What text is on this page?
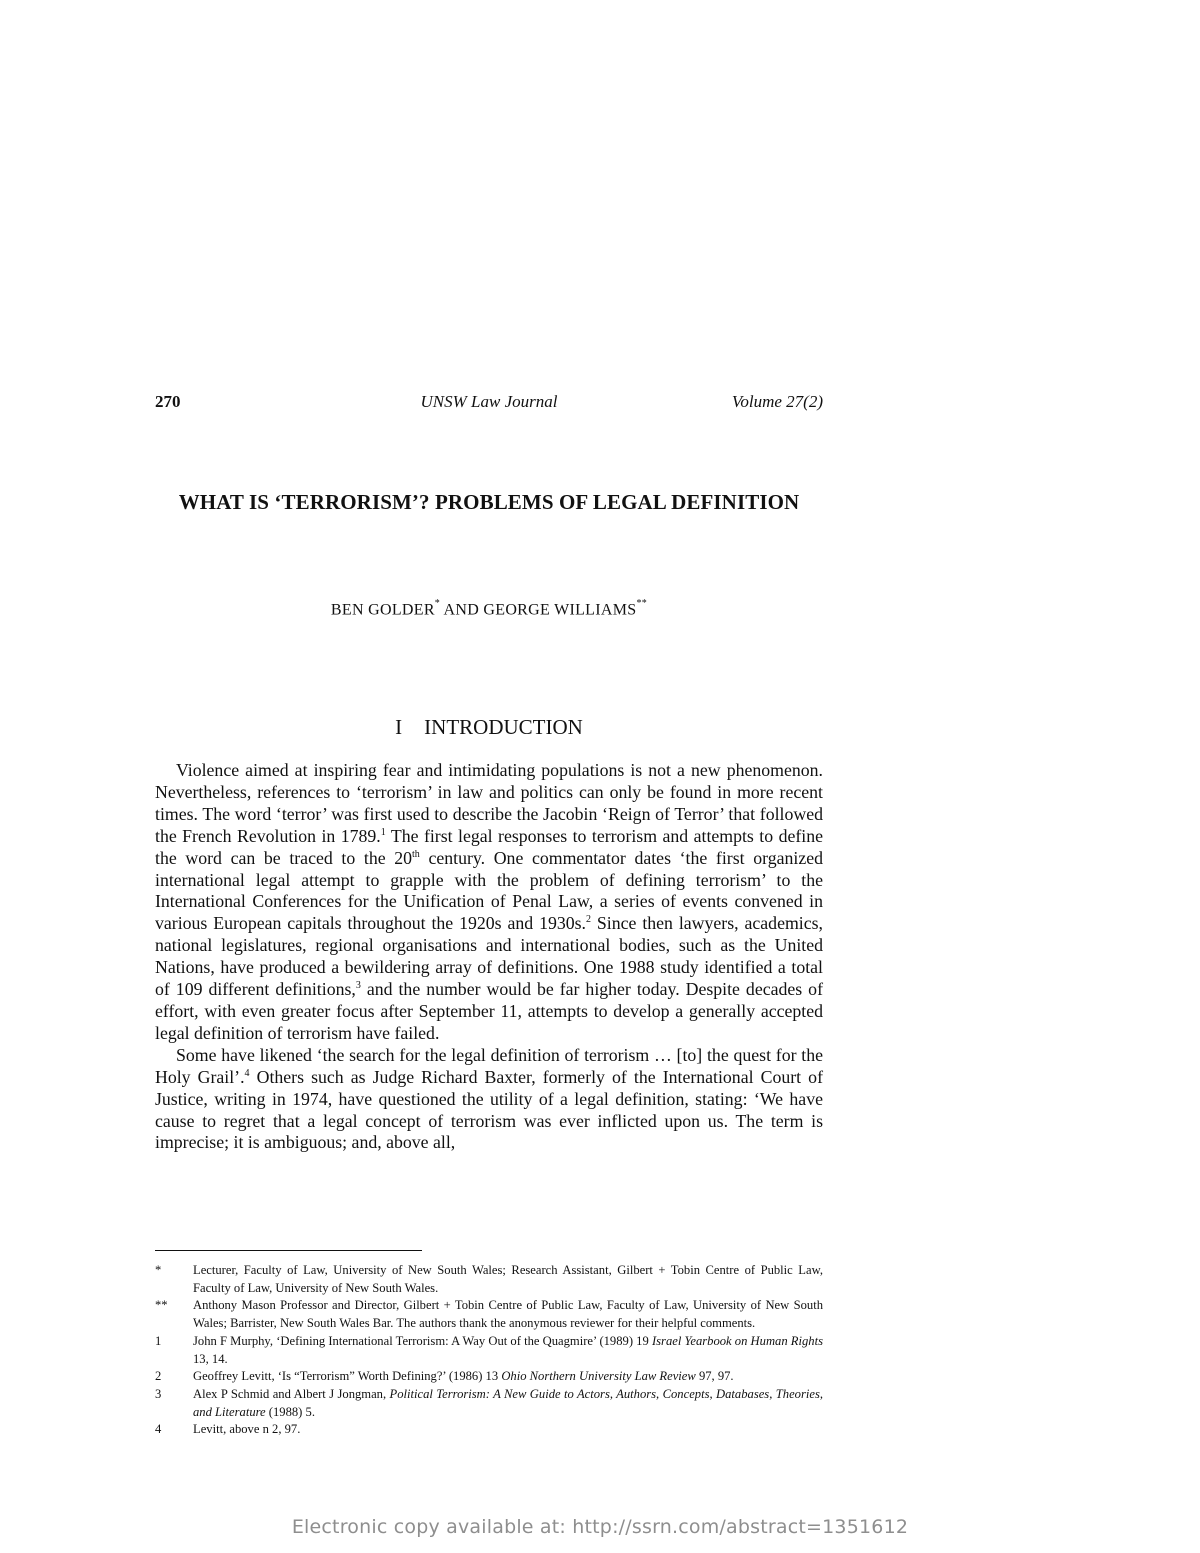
270	UNSW Law Journal	Volume 27(2)
WHAT IS ‘TERRORISM’? PROBLEMS OF LEGAL DEFINITION
BEN GOLDER* AND GEORGE WILLIAMS**
I INTRODUCTION

Violence aimed at inspiring fear and intimidating populations is not a new phenomenon. Nevertheless, references to ‘terrorism’ in law and politics can only be found in more recent times. The word ‘terror’ was first used to describe the Jacobin ‘Reign of Terror’ that followed the French Revolution in 1789.$^1$ The first legal responses to terrorism and attempts to define the word can be traced to the 20th century. One commentator dates ‘the first organized international legal attempt to grapple with the problem of defining terrorism’ to the International Conferences for the Unification of Penal Law, a series of events convened in various European capitals throughout the 1920s and 1930s.$^2$ Since then lawyers, academics, national legislatures, regional organisations and international bodies, such as the United Nations, have produced a bewildering array of definitions. One 1988 study identified a total of 109 different definitions,$^3$ and the number would be far higher today. Despite decades of effort, with even greater focus after September 11, attempts to develop a generally accepted legal definition of terrorism have failed.

Some have likened ‘the search for the legal definition of terrorism … [to] the quest for the Holy Grail’.$^4$ Others such as Judge Richard Baxter, formerly of the International Court of Justice, writing in 1974, have questioned the utility of a legal definition, stating: ‘We have cause to regret that a legal concept of terrorism was ever inflicted upon us. The term is imprecise; it is ambiguous; and, above all,

*	Lecturer, Faculty of Law, University of New South Wales; Research Assistant, Gilbert + Tobin Centre of Public Law, Faculty of Law, University of New South Wales.
**	Anthony Mason Professor and Director, Gilbert + Tobin Centre of Public Law, Faculty of Law, University of New South Wales; Barrister, New South Wales Bar. The authors thank the anonymous reviewer for their helpful comments.
1	John F Murphy, ‘Defining International Terrorism: A Way Out of the Quagmire’ (1989) 19 Israel Yearbook on Human Rights 13, 14.
2	Geoffrey Levitt, ‘Is “Terrorism” Worth Defining?’ (1986) 13 Ohio Northern University Law Review 97, 97.
3	Alex P Schmid and Albert J Jongman, Political Terrorism: A New Guide to Actors, Authors, Concepts, Databases, Theories, and Literature (1988) 5.
4	Levitt, above n 2, 97.
Electronic copy available at: http://ssrn.com/abstract=1351612
